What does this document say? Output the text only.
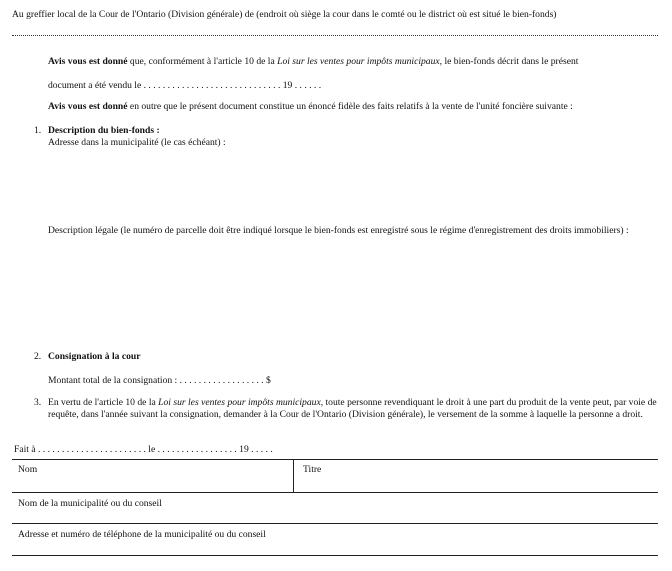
Au greffier local de la Cour de l'Ontario (Division générale) de (endroit où siège la cour dans le comté ou le district où est situé le bien-fonds)
Avis vous est donné que, conformément à l'article 10 de la Loi sur les ventes pour impôts municipaux, le bien-fonds décrit dans le présent
document a été vendu le . . . . . . . . . . . . . . . . . . . . . . . . . . . . . 19 . . . . . .
Avis vous est donné en outre que le présent document constitue un énoncé fidèle des faits relatifs à la vente de l'unité foncière suivante :
1. Description du bien-fonds :
Adresse dans la municipalité (le cas échéant) :
Description légale (le numéro de parcelle doit être indiqué lorsque le bien-fonds est enregistré sous le régime d'enregistrement des droits immobiliers) :
2. Consignation à la cour
Montant total de la consignation : . . . . . . . . . . . . . . . . . . $
3. En vertu de l'article 10 de la Loi sur les ventes pour impôts municipaux, toute personne revendiquant le droit à une part du produit de la vente peut, par voie de requête, dans l'année suivant la consignation, demander à la Cour de l'Ontario (Division générale), le versement de la somme à laquelle la personne a droit.
Fait à . . . . . . . . . . . . . . . . . . . . . . . le . . . . . . . . . . . . . . . . . 19 . . . . .
Nom	Titre
Nom de la municipalité ou du conseil
Adresse et numéro de téléphone de la municipalité ou du conseil
